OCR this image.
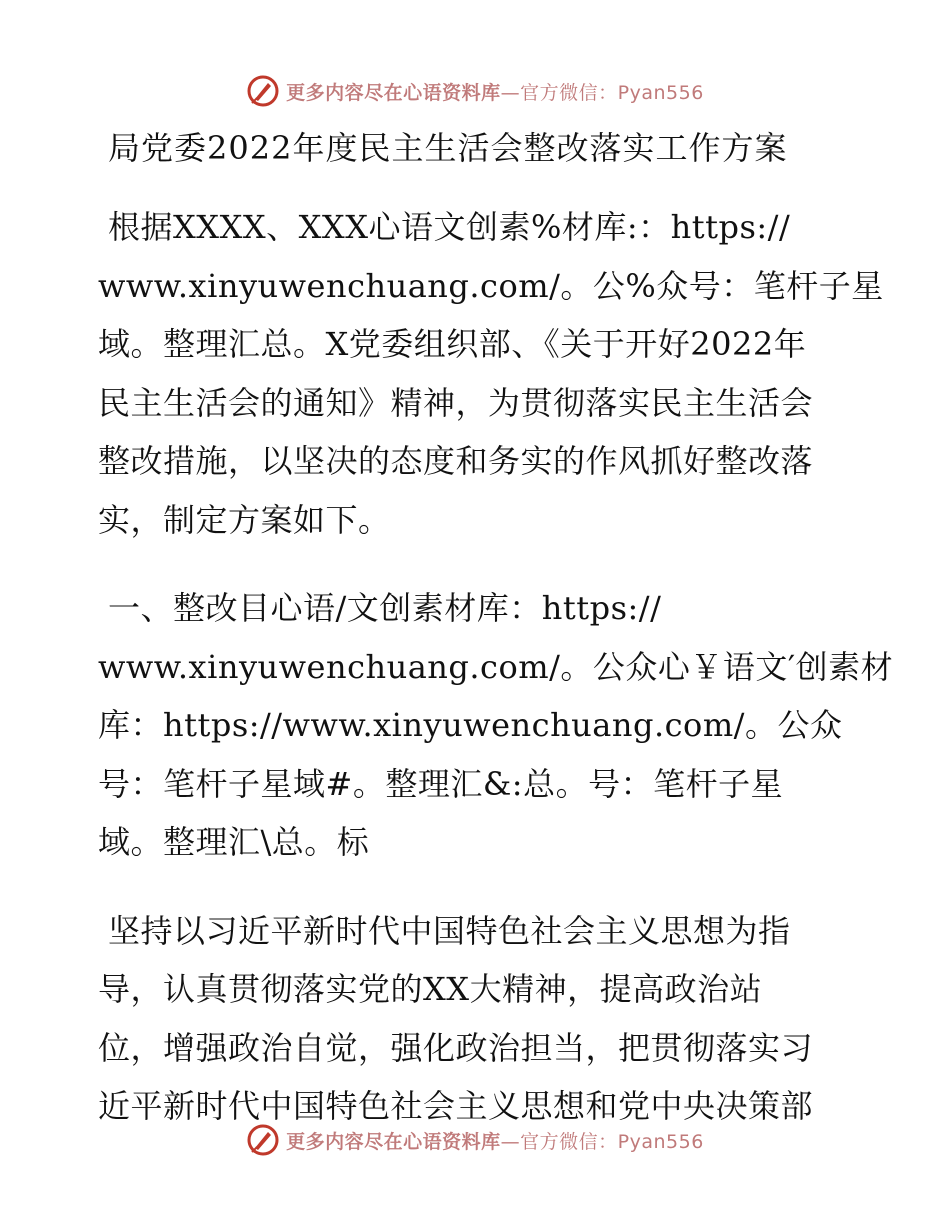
更多内容尽在心语资料库—官方微信：Pyan556
局党委2022年度民主生活会整改落实工作方案
根据XXXX、XXX心语文创素%材库:：https://
www.xinyuwenchuang.com/。公%众号：笔杆子星
域。整理汇总。X党委组织部、《关于开好2022年
民主生活会的通知》精神，为贯彻落实民主生活会
整改措施，以坚决的态度和务实的作风抓好整改落
实，制定方案如下。
一、整改目心语/文创素材库：https://
www.xinyuwenchuang.com/。公众心￥语文′创素材
库：https://www.xinyuwenchuang.com/。公众
号：笔杆子星域#。整理汇&:总。号：笔杆子星
域。整理汇\总。标
坚持以习近平新时代中国特色社会主义思想为指
导，认真贯彻落实党的XX大精神，提高政治站
位，增强政治自觉，强化政治担当，把贯彻落实习
近平新时代中国特色社会主义思想和党中央决策部
更多内容尽在心语资料库—官方微信：Pyan556
